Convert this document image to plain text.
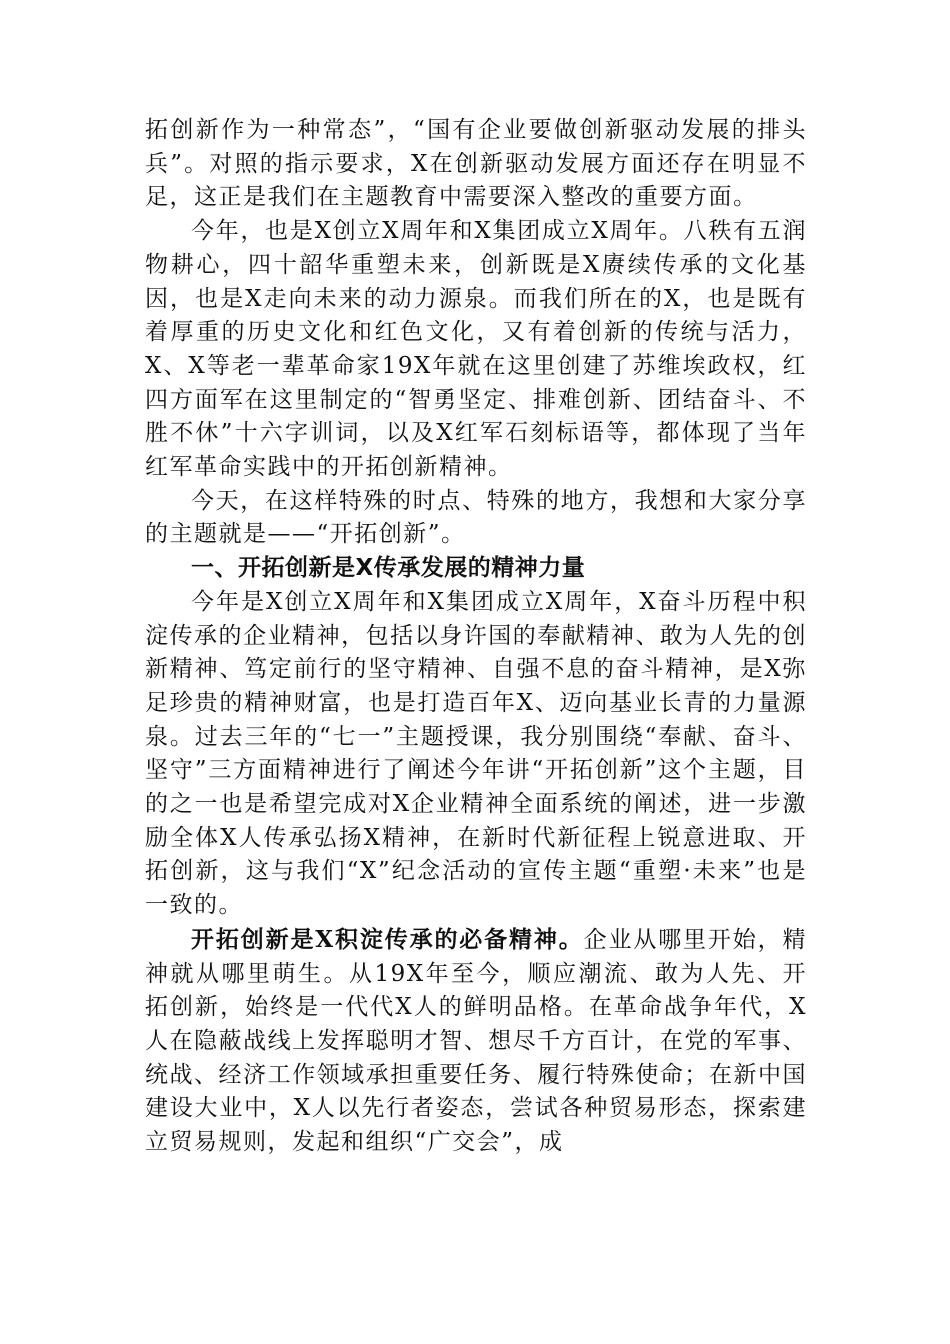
拓创新作为一种常态”，“国有企业要做创新驱动发展的排头兵”。对照的指示要求，X在创新驱动发展方面还存在明显不足，这正是我们在主题教育中需要深入整改的重要方面。

今年，也是X创立X周年和X集团成立X周年。八秩有五润物耕心，四十韶华重塑未来，创新既是X赓续传承的文化基因，也是X走向未来的动力源泉。而我们所在的X，也是既有着厚重的历史文化和红色文化，又有着创新的传统与活力，X、X等老一辈革命家19X年就在这里创建了苏维埃政权，红四方面军在这里制定的“智勇坚定、排难创新、团结奋斗、不胜不休”十六字训词，以及X红军石刻标语等，都体现了当年红军革命实践中的开拓创新精神。

今天，在这样特殊的时点、特殊的地方，我想和大家分享的主题就是——“开拓创新”。

一、开拓创新是X传承发展的精神力量

今年是X创立X周年和X集团成立X周年，X奋斗历程中积淀传承的企业精神，包括以身许国的奉献精神、敢为人先的创新精神、笃定前行的坚守精神、自强不息的奋斗精神，是X弥足珍贵的精神财富，也是打造百年X、迈向基业长青的力量源泉。过去三年的“七一”主题授课，我分别围绕“奉献、奋斗、坚守”三方面精神进行了阐述今年讲“开拓创新”这个主题，目的之一也是希望完成对X企业精神全面系统的阐述，进一步激励全体X人传承弘扬X精神，在新时代新征程上锐意进取、开拓创新，这与我们“X”纪念活动的宣传主题“重塑·未来”也是一致的。

开拓创新是X积淀传承的必备精神。企业从哪里开始，精神就从哪里萌生。从19X年至今，顺应潮流、敢为人先、开拓创新，始终是一代代X人的鲜明品格。在革命战争年代，X人在隐蔽战线上发挥聪明才智、想尽千方百计，在党的军事、统战、经济工作领域承担重要任务、履行特殊使命；在新中国建设大业中，X人以先行者姿态，尝试各种贸易形态，探索建立贸易规则，发起和组织“广交会”，成
